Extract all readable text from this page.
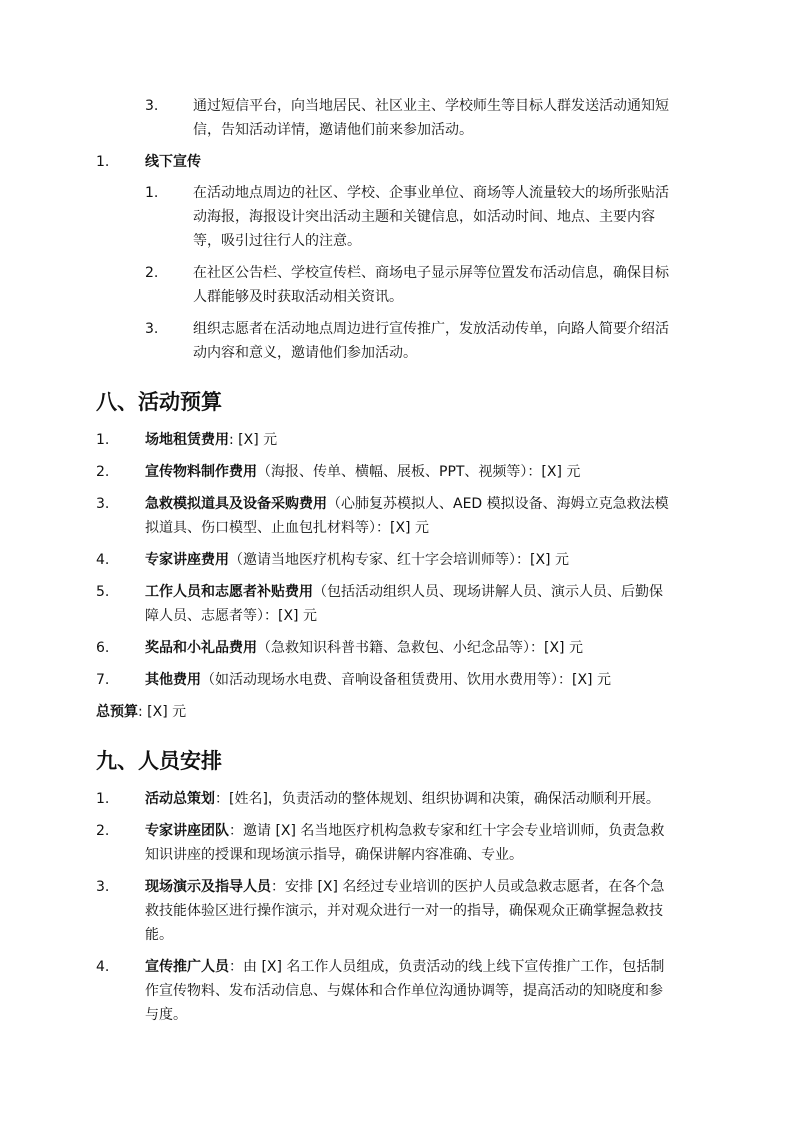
3. 通过短信平台，向当地居民、社区业主、学校师生等目标人群发送活动通知短
信，告知活动详情，邀请他们前来参加活动。
1.	线下宣传
1. 在活动地点周边的社区、学校、企事业单位、商场等人流量较大的场所张贴活
动海报，海报设计突出活动主题和关键信息，如活动时间、地点、主要内容
等，吸引过往行人的注意。
2. 在社区公告栏、学校宣传栏、商场电子显示屏等位置发布活动信息，确保目标
人群能够及时获取活动相关资讯。
3. 组织志愿者在活动地点周边进行宣传推广，发放活动传单，向路人简要介绍活
动内容和意义，邀请他们参加活动。
八、活动预算
1.	场地租赁费用: [X] 元
2.	宣传物料制作费用（海报、传单、横幅、展板、PPT、视频等）：[X] 元
3.	急救模拟道具及设备采购费用（心肺复苏模拟人、AED 模拟设备、海姆立克急救法模
拟道具、伤口模型、止血包扎材料等）：[X] 元
4.	专家讲座费用（邀请当地医疗机构专家、红十字会培训师等）：[X] 元
5.	工作人员和志愿者补贴费用（包括活动组织人员、现场讲解人员、演示人员、后勤保
障人员、志愿者等）：[X] 元
6.	奖品和小礼品费用（急救知识科普书籍、急救包、小纪念品等）：[X] 元
7.	其他费用（如活动现场水电费、音响设备租赁费用、饮用水费用等）：[X] 元
总预算: [X] 元
九、人员安排
1.	活动总策划：[姓名]，负责活动的整体规划、组织协调和决策，确保活动顺利开展。
2.	专家讲座团队：邀请 [X] 名当地医疗机构急救专家和红十字会专业培训师，负责急救
知识讲座的授课和现场演示指导，确保讲解内容准确、专业。
3.	现场演示及指导人员：安排 [X] 名经过专业培训的医护人员或急救志愿者，在各个急
救技能体验区进行操作演示，并对观众进行一对一的指导，确保观众正确掌握急救技
能。
4.	宣传推广人员：由 [X] 名工作人员组成，负责活动的线上线下宣传推广工作，包括制
作宣传物料、发布活动信息、与媒体和合作单位沟通协调等，提高活动的知晓度和参
与度。
